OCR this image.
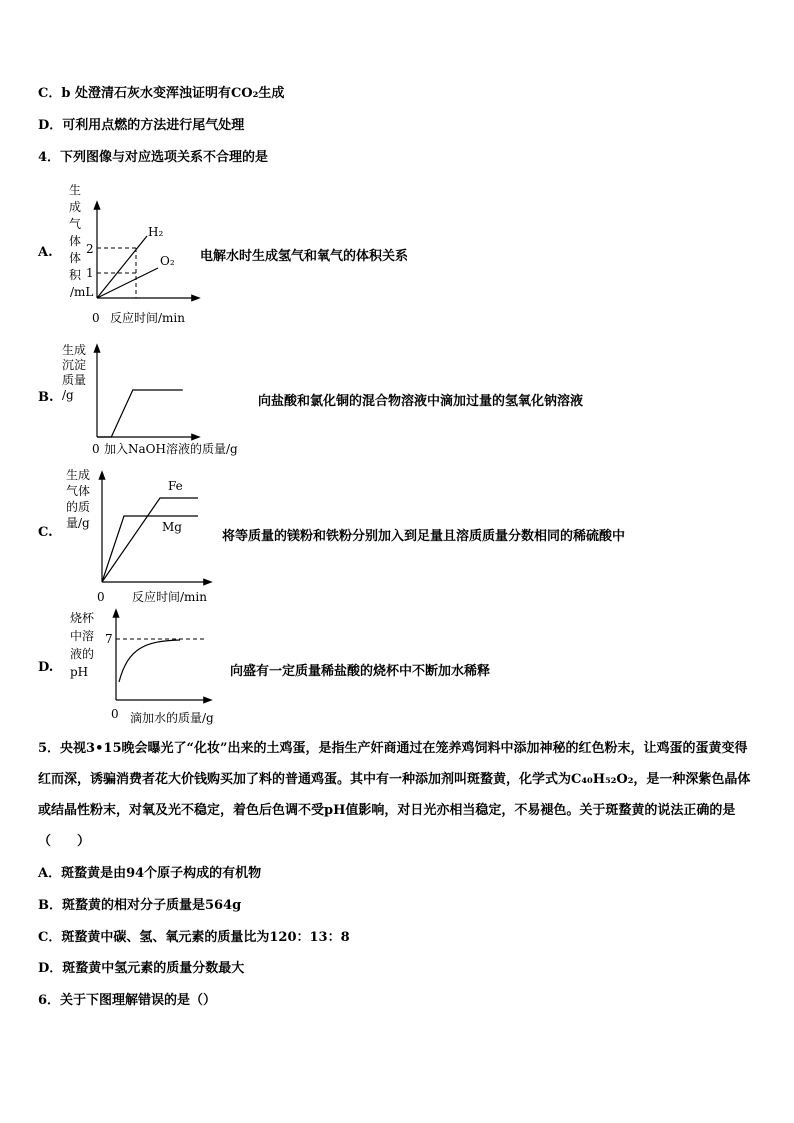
C．b 处澄清石灰水变浑浊证明有CO₂生成
D．可利用点燃的方法进行尾气处理
4．下列图像与对应选项关系不合理的是
A.	电解水时生成氢气和氧气的体积关系
B.	向盐酸和氯化铜的混合物溶液中滴加过量的氢氧化钠溶液
C.	将等质量的镁粉和铁粉分别加入到足量且溶质质量分数相同的稀硫酸中
D.	向盛有一定质量稀盐酸的烧杯中不断加水稀释
生
成
气
体
体
积
/mL
0 反应时间/min
2
1
H₂
O₂
生成
沉淀
质量
/g
0 加入NaOH溶液的质量/g
生成
气体
的质
量/g
0 反应时间/min
Fe
Mg
烧杯
中溶
液的
pH
0 滴加水的质量/g
7
5．央视3•15晚会曝光了“化妆”出来的土鸡蛋，是指生产奸商通过在笼养鸡饲料中添加神秘的红色粉末，让鸡蛋的蛋黄变得红而深，诱骗消费者花大价钱购买加了料的普通鸡蛋。其中有一种添加剂叫斑蝥黄，化学式为C₄₀H₅₂O₂，是一种深紫色晶体或结晶性粉末，对氧及光不稳定，着色后色调不受pH值影响，对日光亦相当稳定，不易褪色。关于斑蝥黄的说法正确的是（　　）
A．斑蝥黄是由94个原子构成的有机物
B．斑蝥黄的相对分子质量是564g
C．斑蝥黄中碳、氢、氧元素的质量比为120：13：8
D．斑蝥黄中氢元素的质量分数最大
6．关于下图理解错误的是（）
